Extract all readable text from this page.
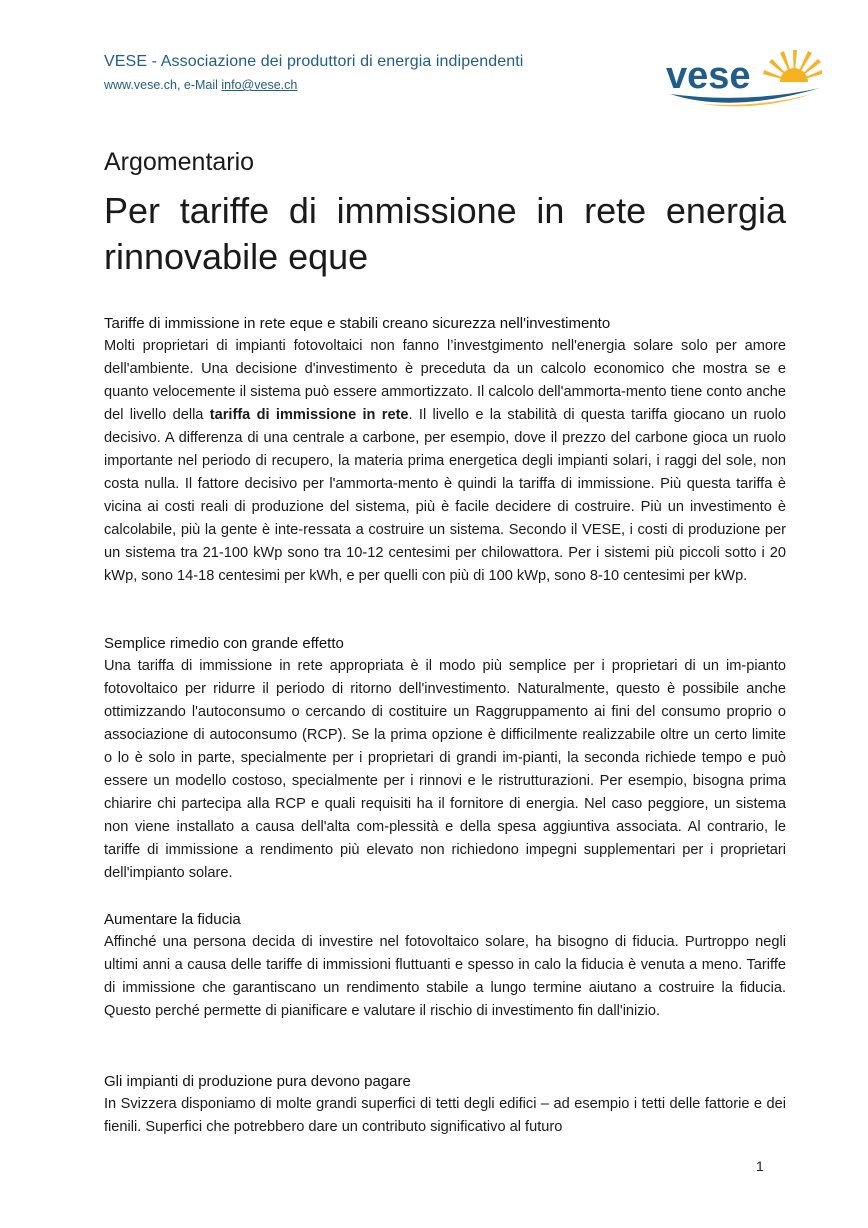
VESE - Associazione dei produttori di energia indipendenti
www.vese.ch, e-Mail info@vese.ch	vese
Argomentario
Per tariffe di immissione in rete energia
rinnovabile eque
Tariffe di immissione in rete eque e stabili creano sicurezza nell'investimento

Molti proprietari di impianti fotovoltaici non fanno l’investgimento nell'energia solare solo per amore dell'ambiente. Una decisione d'investimento è preceduta da un calcolo economico che mostra se e quanto velocemente il sistema può essere ammortizzato. Il calcolo dell'ammorta-mento tiene conto anche del livello della tariffa di immissione in rete. Il livello e la stabilità di questa tariffa giocano un ruolo decisivo. A differenza di una centrale a carbone, per esempio, dove il prezzo del carbone gioca un ruolo importante nel periodo di recupero, la materia prima energetica degli impianti solari, i raggi del sole, non costa nulla. Il fattore decisivo per l'ammorta-mento è quindi la tariffa di immissione. Più questa tariffa è vicina ai costi reali di produzione del sistema, più è facile decidere di costruire. Più un investimento è calcolabile, più la gente è inte-ressata a costruire un sistema. Secondo il VESE, i costi di produzione per un sistema tra 21-100 kWp sono tra 10-12 centesimi per chilowattora. Per i sistemi più piccoli sotto i 20 kWp, sono 14-18 centesimi per kWh, e per quelli con più di 100 kWp, sono 8-10 centesimi per kWp.

Semplice rimedio con grande effetto

Una tariffa di immissione in rete appropriata è il modo più semplice per i proprietari di un im-pianto fotovoltaico per ridurre il periodo di ritorno dell'investimento. Naturalmente, questo è possibile anche ottimizzando l'autoconsumo o cercando di costituire un Raggruppamento ai fini del consumo proprio o associazione di autoconsumo (RCP). Se la prima opzione è difficilmente realizzabile oltre un certo limite o lo è solo in parte, specialmente per i proprietari di grandi im-pianti, la seconda richiede tempo e può essere un modello costoso, specialmente per i rinnovi e le ristrutturazioni. Per esempio, bisogna prima chiarire chi partecipa alla RCP e quali requisiti ha il fornitore di energia. Nel caso peggiore, un sistema non viene installato a causa dell'alta com-plessità e della spesa aggiuntiva associata. Al contrario, le tariffe di immissione a rendimento più elevato non richiedono impegni supplementari per i proprietari dell'impianto solare.

Aumentare la fiducia

Affinché una persona decida di investire nel fotovoltaico solare, ha bisogno di fiducia. Purtroppo negli ultimi anni a causa delle tariffe di immissioni fluttuanti e spesso in calo la fiducia è venuta a meno. Tariffe di immissione che garantiscano un rendimento stabile a lungo termine aiutano a costruire la fiducia. Questo perché permette di pianificare e valutare il rischio di investimento fin dall'inizio.

Gli impianti di produzione pura devono pagare

In Svizzera disponiamo di molte grandi superfici di tetti degli edifici – ad esempio i tetti delle fattorie e dei fienili. Superfici che potrebbero dare un contributo significativo al futuro

1
